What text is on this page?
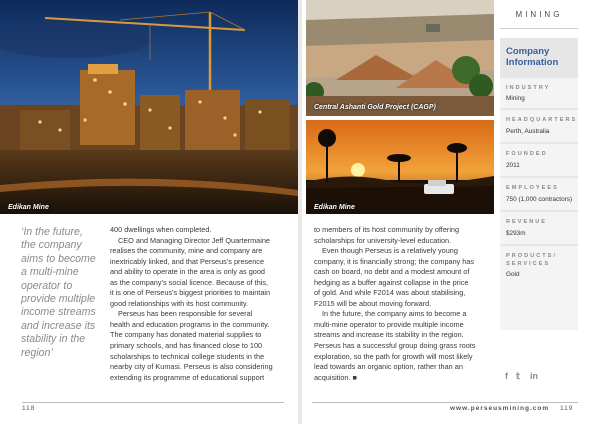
Edikan Mine
‘In the future, the company aims to become a multi-mine operator to provide multiple income streams and increase its stability in the region’

400 dwellings when completed.

CEO and Managing Director Jeff Quartermaine

realises the community, mine and company are

inextricably linked, and that Perseus’s presence

and ability to operate in the area is only as good

as the company’s social licence. Because of this,

it is one of Perseus’s biggest priorities to maintain

good relationships with its host community.

Perseus has been responsible for several

health and education programs in the community.

The company has donated material supplies to

primary schools, and has financed close to 100

scholarships to technical college students in the

nearby city of Kumasi. Perseus is also considering

extending its programme of educational support

118
Central Ashanti Gold Project (CAGP)
Edikan Mine

to members of its host community by offering

scholarships for university-level education.

Even though Perseus is a relatively young

company, it is financially strong; the company has

cash on board, no debt and a modest amount of

hedging as a buffer against collapse in the price

of gold. And while F2014 was about stabilising,

F2015 will be about moving forward.

In the future, the company aims to become a

multi-mine operator to provide multiple income

streams and increase its stability in the region.

Perseus has a successful group doing grass roots

exploration, so the path for growth will most likely

lead towards an organic option, rather than an

acquisition. ■

www.perseusmining.com 119
MINING
Company
Information
INDUSTRY
Mining
HEADQUARTERS
Perth, Australia
FOUNDED
2011
EMPLOYEES
750 (1,000 contractors)
REVENUE
$293m
PRODUCTS/
SERVICES
Gold
f 𝕥 in
